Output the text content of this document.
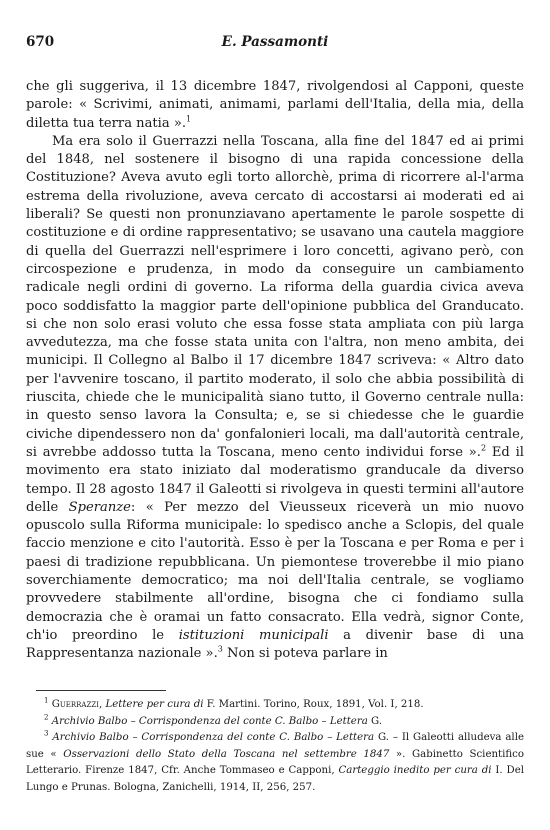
670	E. Passamonti

che gli suggeriva, il 13 dicembre 1847, rivolgendosi al Capponi, queste parole: « Scrivimi, animati, animami, parlami dell'Italia, della mia, della diletta tua terra natia ».$^1$

Ma era solo il Guerrazzi nella Toscana, alla fine del 1847 ed ai primi del 1848, nel sostenere il bisogno di una rapida concessione della Costituzione? Aveva avuto egli torto allorchè, prima di ricorrere al-l'arma estrema della rivoluzione, aveva cercato di accostarsi ai moderati ed ai liberali? Se questi non pronunziavano apertamente le parole sospette di costituzione e di ordine rappresentativo; se usavano una cautela maggiore di quella del Guerrazzi nell'esprimere i loro concetti, agivano però, con circospezione e prudenza, in modo da conseguire un cambiamento radicale negli ordini di governo. La riforma della guardia civica aveva poco soddisfatto la maggior parte dell'opinione pubblica del Granducato. si che non solo erasi voluto che essa fosse stata ampliata con più larga avvedutezza, ma che fosse stata unita con l'altra, non meno ambita, dei municipi. Il Collegno al Balbo il 17 dicembre 1847 scriveva: « Altro dato per l'avvenire toscano, il partito moderato, il solo che abbia possibilità di riuscita, chiede che le municipalità siano tutto, il Governo centrale nulla: in questo senso lavora la Consulta; e, se si chiedesse che le guardie civiche dipendessero non da' gonfalonieri locali, ma dall'autorità centrale, si avrebbe addosso tutta la Toscana, meno cento individui forse ».$^2$ Ed il movimento era stato iniziato dal moderatismo granducale da diverso tempo. Il 28 agosto 1847 il Galeotti si rivolgeva in questi termini all'autore delle Speranze: « Per mezzo del Vieusseux riceverà un mio nuovo opuscolo sulla Riforma municipale: lo spedisco anche a Sclopis, del quale faccio menzione e cito l'autorità. Esso è per la Toscana e per Roma e per i paesi di tradizione repubblicana. Un piemontese troverebbe il mio piano soverchiamente democratico; ma noi dell'Italia centrale, se vogliamo provvedere stabilmente all'ordine, bisogna che ci fondiamo sulla democrazia che è oramai un fatto consacrato. Ella vedrà, signor Conte, ch'io preordino le istituzioni municipali a divenir base di una Rappresentanza nazionale ».$^3$ Non si poteva parlare in

$^1$ Guerrazzi, Lettere per cura di F. Martini. Torino, Roux, 1891, Vol. I, 218.

$^2$ Archivio Balbo – Corrispondenza del conte C. Balbo – Lettera G.

$^3$ Archivio Balbo – Corrispondenza del conte C. Balbo – Lettera G. – Il Galeotti alludeva alle sue « Osservazioni dello Stato della Toscana nel settembre 1847 ». Gabinetto Scientifico Letterario. Firenze 1847, Cfr. Anche Tommaseo e Capponi, Carteggio inedito per cura di I. Del Lungo e Prunas. Bologna, Zanichelli, 1914, II, 256, 257.
